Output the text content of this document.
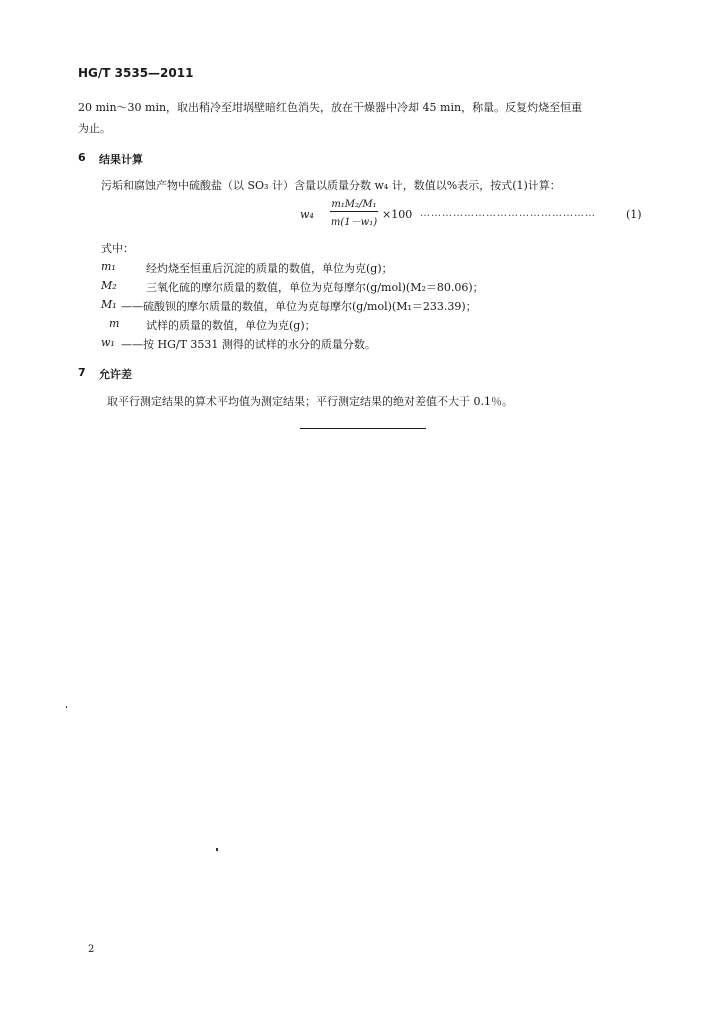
HG/T 3535—2011
20 min～30 min，取出稍冷至坩埚壁暗红色消失，放在干燥器中冷却 45 min，称量。反复灼烧至恒重
为止。
6 结果计算
污垢和腐蚀产物中硫酸盐（以 SO₃ 计）含量以质量分数 w₄ 计，数值以%表示，按式(1)计算：
$w_4 \frac{\text{m₁M₂/M₁}}{\text{m(1－w₁)}} \times 100$ …………………………………………	(1)
式中：
m₁	经灼烧至恒重后沉淀的质量的数值，单位为克(g)；
M₂	三氧化硫的摩尔质量的数值，单位为克每摩尔(g/mol)(M₂＝80.06)；
M₁ ——硫酸钡的摩尔质量的数值，单位为克每摩尔(g/mol)(M₁＝233.39)；
m	试样的质量的数值，单位为克(g)；
w₁ ——按 HG/T 3531 测得的试样的水分的质量分数。
7 允许差
取平行测定结果的算术平均值为测定结果；平行测定结果的绝对差值不大于 0.1％。
2
